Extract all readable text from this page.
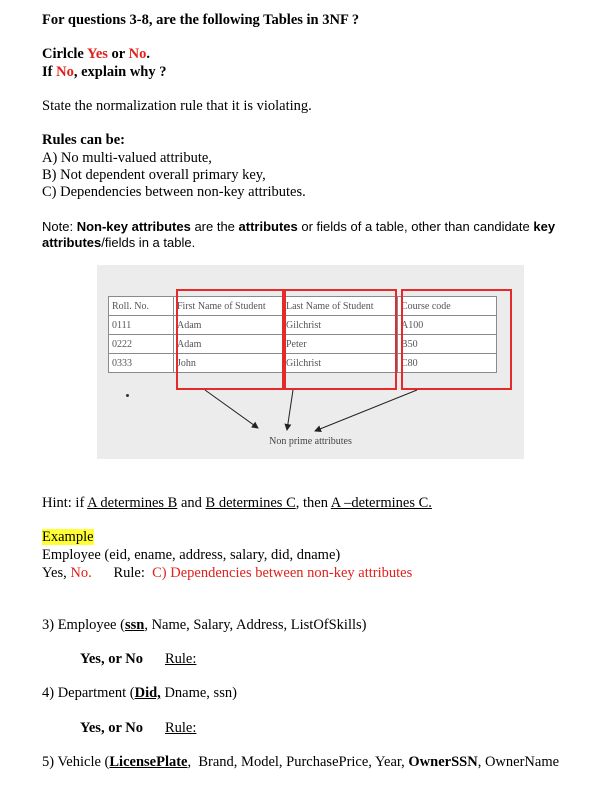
For questions 3-8, are the following Tables in 3NF ?
Cirlcle Yes or No.
If No, explain why ?
State the normalization rule that it is violating.
Rules can be:
A) No multi-valued attribute,
B) Not dependent overall primary key,
C) Dependencies between non-key attributes.
Note: Non-key attributes are the attributes or fields of a table, other than candidate key
attributes/fields in a table.
Roll. No.	First Name of Student	Last Name of Student	Course code
0111	Adam	Gilchrist	A100
0222	Adam	Peter	B50
0333	John	Gilchrist	C80
Non prime attributes
Hint: if A determines B and B determines C, then A –determines C.
Example
Employee (eid, ename, address, salary, did, dname)
Yes, No.      Rule:  C) Dependencies between non-key attributes
3) Employee (ssn, Name, Salary, Address, ListOfSkills)
Yes, or No Rule:
4) Department (Did, Dname, ssn)
Yes, or No Rule:
5) Vehicle (LicensePlate,  Brand, Model, PurchasePrice, Year, OwnerSSN, OwnerName
